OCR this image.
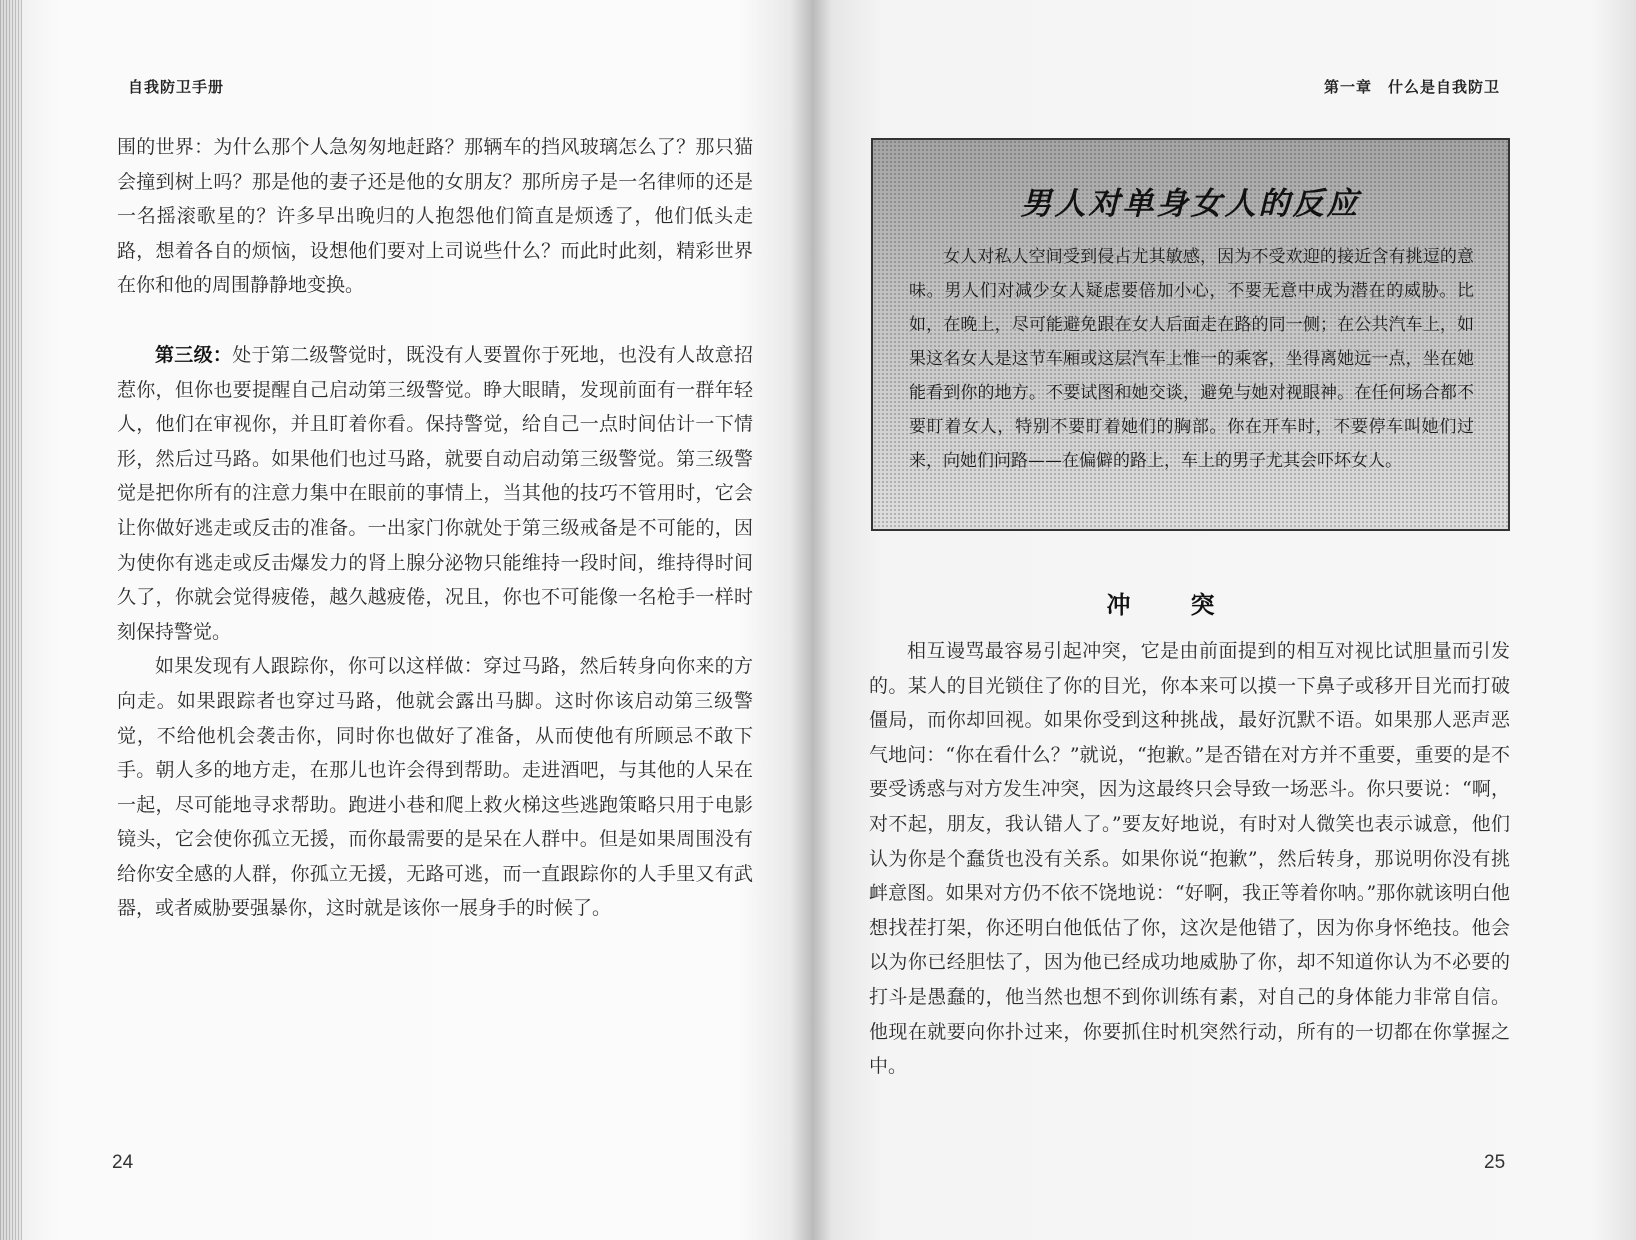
自我防卫手册

围的世界：为什么那个人急匆匆地赶路？那辆车的挡风玻璃怎么了？那只猫会撞到树上吗？那是他的妻子还是他的女朋友？那所房子是一名律师的还是一名摇滚歌星的？许多早出晚归的人抱怨他们简直是烦透了，他们低头走路，想着各自的烦恼，设想他们要对上司说些什么？而此时此刻，精彩世界在你和他的周围静静地变换。

第三级：处于第二级警觉时，既没有人要置你于死地，也没有人故意招惹你，但你也要提醒自己启动第三级警觉。睁大眼睛，发现前面有一群年轻人，他们在审视你，并且盯着你看。保持警觉，给自己一点时间估计一下情形，然后过马路。如果他们也过马路，就要自动启动第三级警觉。第三级警觉是把你所有的注意力集中在眼前的事情上，当其他的技巧不管用时，它会让你做好逃走或反击的准备。一出家门你就处于第三级戒备是不可能的，因为使你有逃走或反击爆发力的肾上腺分泌物只能维持一段时间，维持得时间久了，你就会觉得疲倦，越久越疲倦，况且，你也不可能像一名枪手一样时刻保持警觉。

如果发现有人跟踪你，你可以这样做：穿过马路，然后转身向你来的方向走。如果跟踪者也穿过马路，他就会露出马脚。这时你该启动第三级警觉，不给他机会袭击你，同时你也做好了准备，从而使他有所顾忌不敢下手。朝人多的地方走，在那儿也许会得到帮助。走进酒吧，与其他的人呆在一起，尽可能地寻求帮助。跑进小巷和爬上救火梯这些逃跑策略只用于电影镜头，它会使你孤立无援，而你最需要的是呆在人群中。但是如果周围没有给你安全感的人群，你孤立无援，无路可逃，而一直跟踪你的人手里又有武器，或者威胁要强暴你，这时就是该你一展身手的时候了。

24
第一章　什么是自我防卫
男人对单身女人的反应

女人对私人空间受到侵占尤其敏感，因为不受欢迎的接近含有挑逗的意味。男人们对减少女人疑虑要倍加小心，不要无意中成为潜在的威胁。比如，在晚上，尽可能避免跟在女人后面走在路的同一侧；在公共汽车上，如果这名女人是这节车厢或这层汽车上惟一的乘客，坐得离她远一点，坐在她能看到你的地方。不要试图和她交谈，避免与她对视眼神。在任何场合都不要盯着女人，特别不要盯着她们的胸部。你在开车时，不要停车叫她们过来，向她们问路——在偏僻的路上，车上的男子尤其会吓坏女人。

冲突

相互谩骂最容易引起冲突，它是由前面提到的相互对视比试胆量而引发的。某人的目光锁住了你的目光，你本来可以摸一下鼻子或移开目光而打破僵局，而你却回视。如果你受到这种挑战，最好沉默不语。如果那人恶声恶气地问：“你在看什么？”就说，“抱歉。”是否错在对方并不重要，重要的是不要受诱惑与对方发生冲突，因为这最终只会导致一场恶斗。你只要说：“啊，对不起，朋友，我认错人了。”要友好地说，有时对人微笑也表示诚意，他们认为你是个蠢货也没有关系。如果你说“抱歉”，然后转身，那说明你没有挑衅意图。如果对方仍不依不饶地说：“好啊，我正等着你呐。”那你就该明白他想找茬打架，你还明白他低估了你，这次是他错了，因为你身怀绝技。他会以为你已经胆怯了，因为他已经成功地威胁了你，却不知道你认为不必要的打斗是愚蠢的，他当然也想不到你训练有素，对自己的身体能力非常自信。他现在就要向你扑过来，你要抓住时机突然行动，所有的一切都在你掌握之中。

25
